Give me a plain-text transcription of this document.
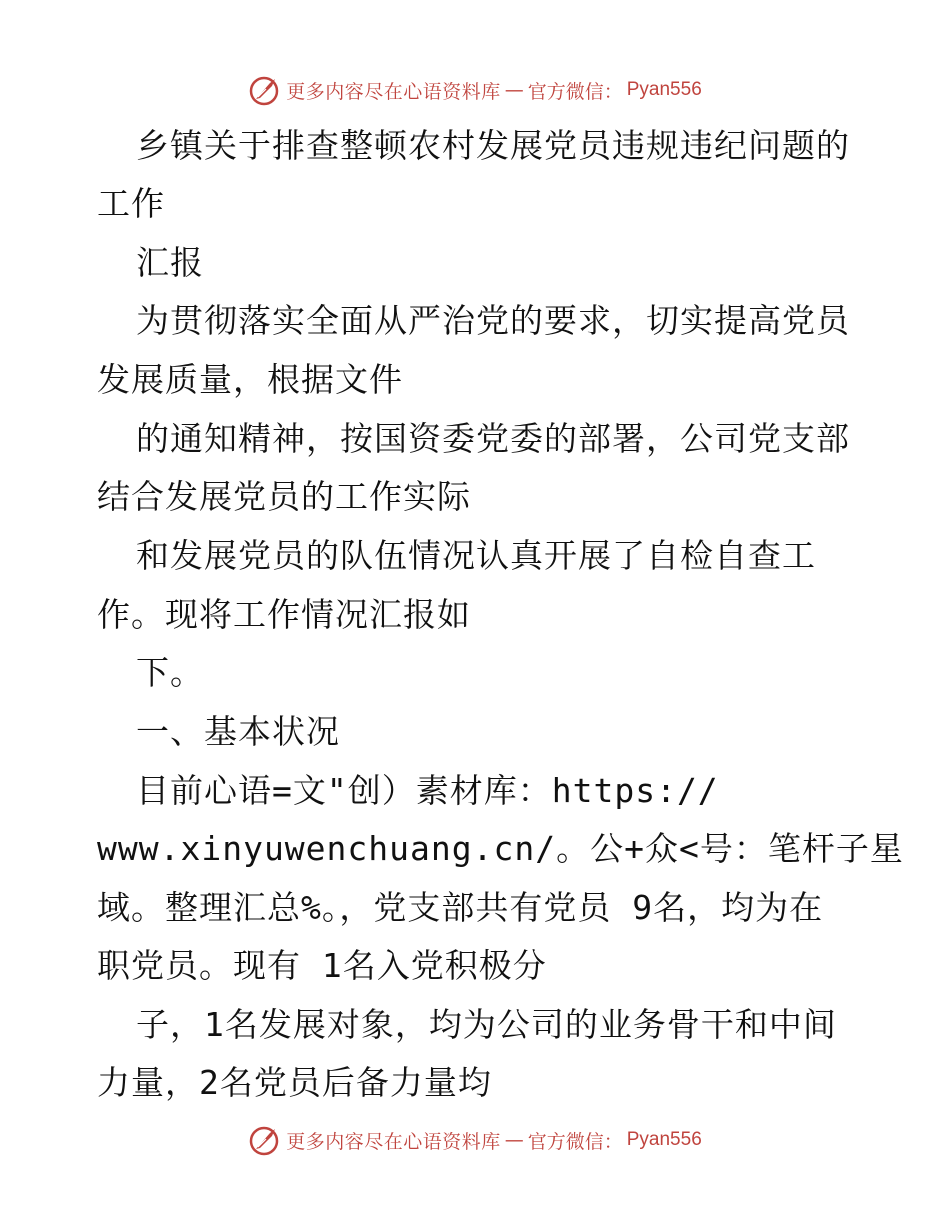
更多内容尽在心语资料库 — 官方微信： Pyan556
乡镇关于排查整顿农村发展党员违规违纪问题的
工作
汇报
为贯彻落实全面从严治党的要求，切实提高党员
发展质量，根据文件
的通知精神，按国资委党委的部署，公司党支部
结合发展党员的工作实际
和发展党员的队伍情况认真开展了自检自查工
作。现将工作情况汇报如
下。
一、基本状况
目前心语=文"创）素材库：https://
www.xinyuwenchuang.cn/。公+众<号：笔杆子星
域。整理汇总%。，党支部共有党员 9名，均为在
职党员。现有 1名入党积极分
子，1名发展对象，均为公司的业务骨干和中间
力量，2名党员后备力量均
更多内容尽在心语资料库 — 官方微信： Pyan556
